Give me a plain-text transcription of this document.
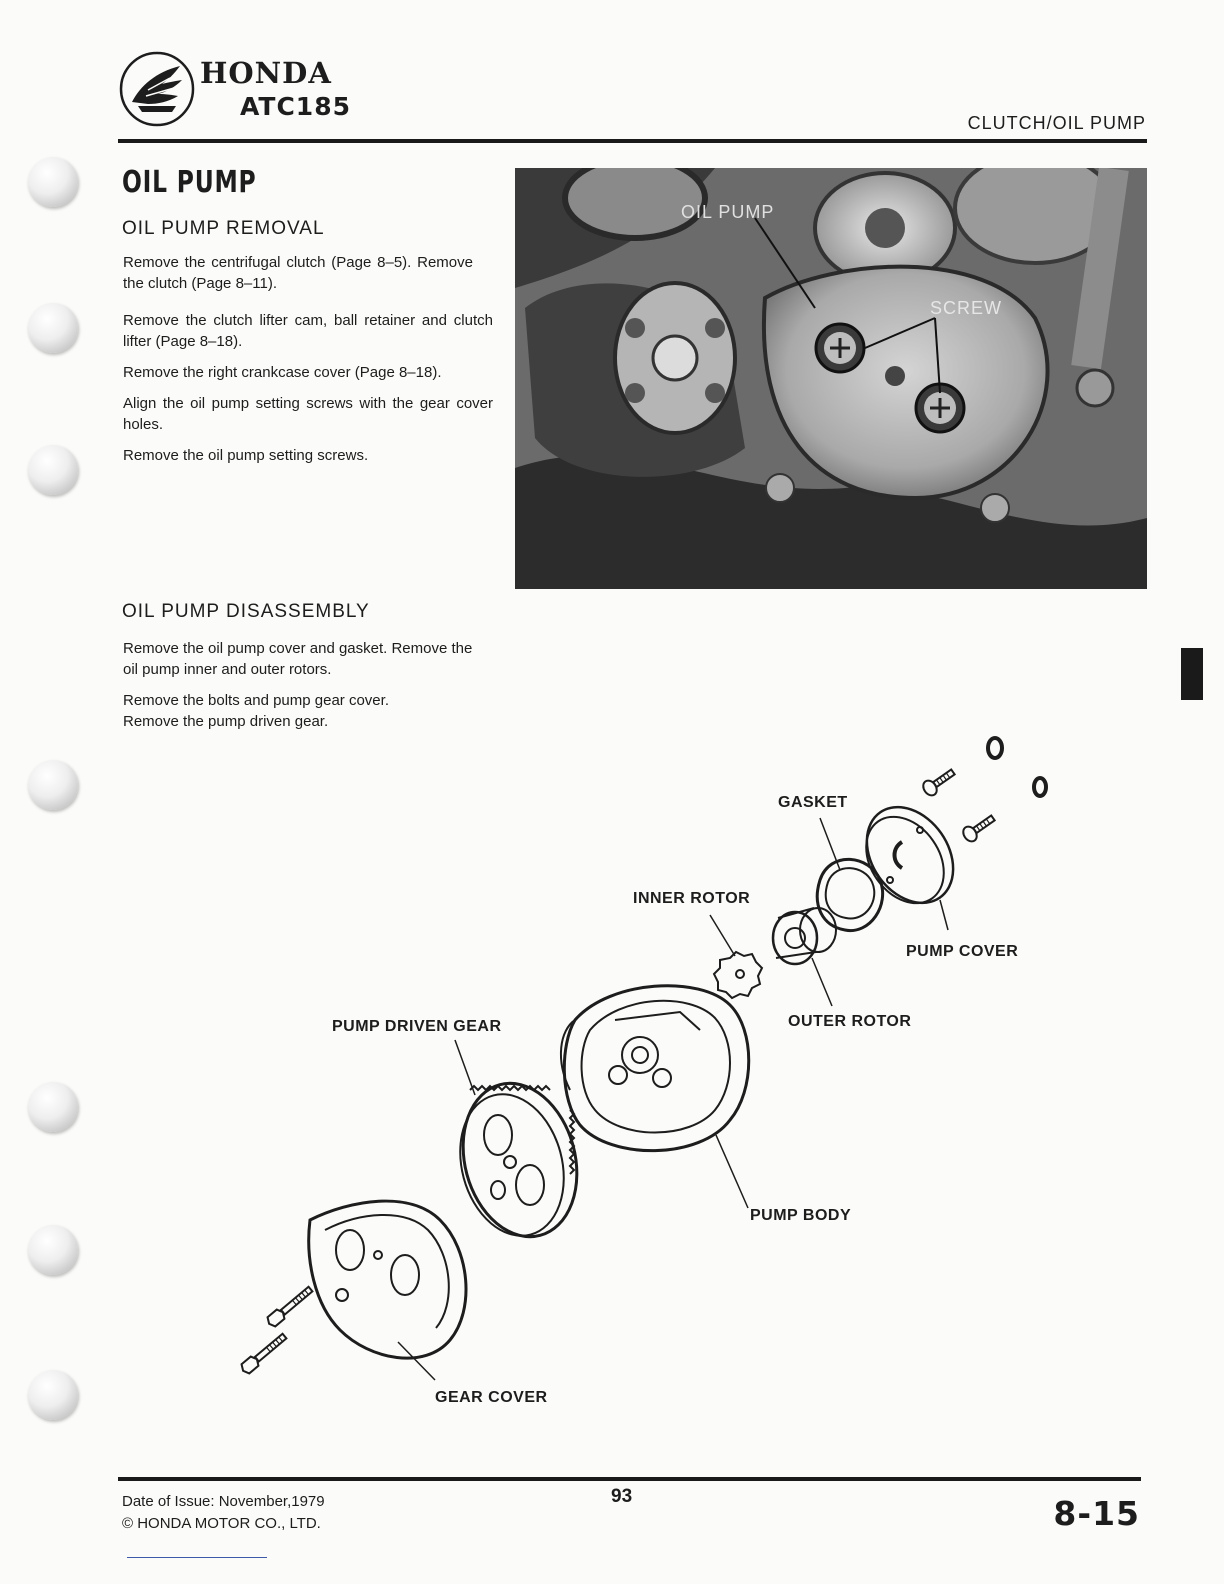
HONDA
ATC185
CLUTCH/OIL PUMP
OIL PUMP
OIL PUMP REMOVAL

Remove the centrifugal clutch (Page 8–5). Remove the clutch (Page 8–11).

Remove the clutch lifter cam, ball retainer and clutch lifter (Page 8–18).

Remove the right crankcase cover (Page 8–18).

Align the oil pump setting screws with the gear cover holes.

Remove the oil pump setting screws.

OIL PUMP
SCREW
OIL PUMP DISASSEMBLY

Remove the oil pump cover and gasket. Remove the oil pump inner and outer rotors.

Remove the bolts and pump gear cover. Remove the pump driven gear.

GASKET
INNER ROTOR
PUMP COVER
OUTER ROTOR
PUMP DRIVEN GEAR
PUMP BODY
GEAR COVER
Date of Issue: November,1979
© HONDA MOTOR CO., LTD.
93	8-15
